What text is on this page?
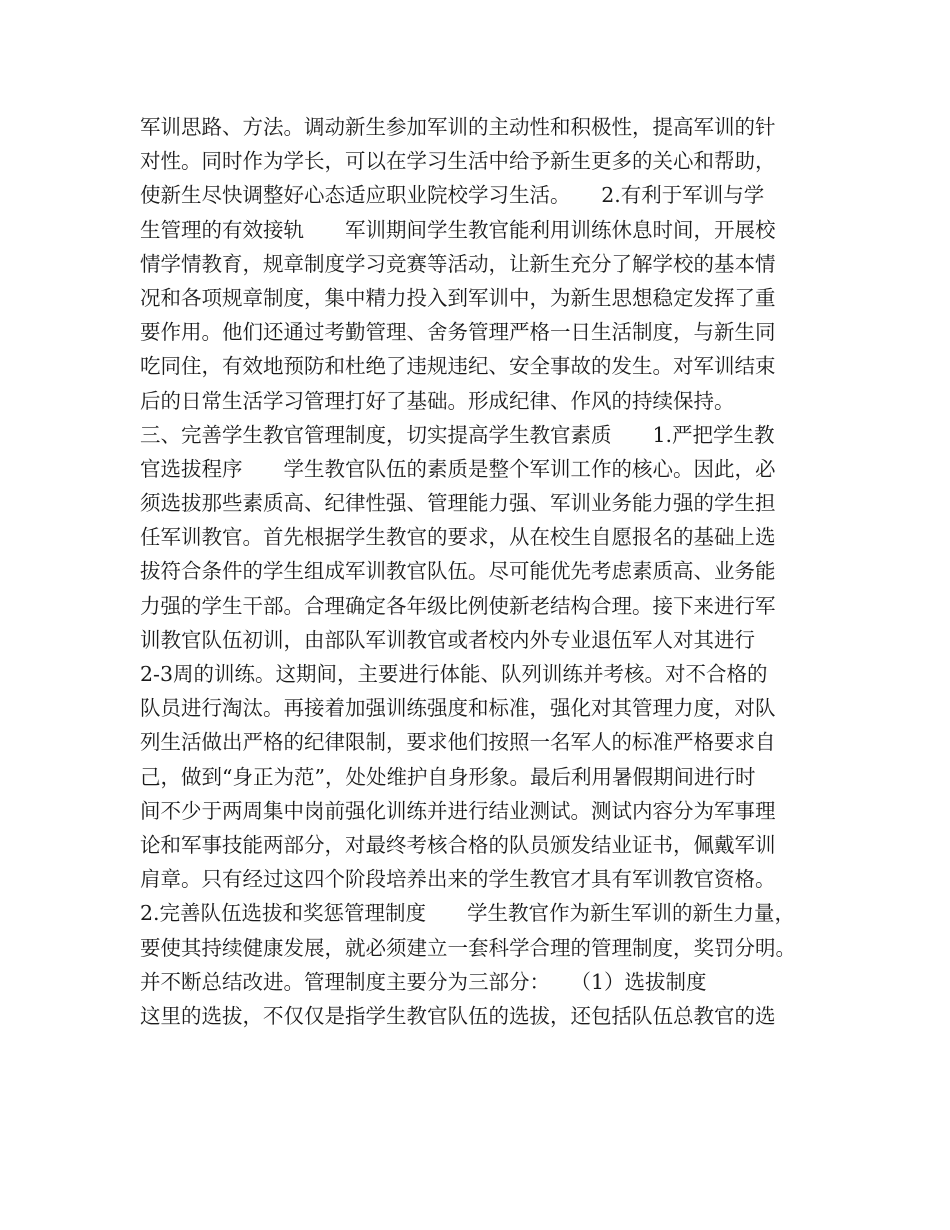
军训思路、方法。调动新生参加军训的主动性和积极性，提高军训的针
对性。同时作为学长，可以在学习生活中给予新生更多的关心和帮助，
使新生尽快调整好心态适应职业院校学习生活。　　2.有利于军训与学
生管理的有效接轨　　军训期间学生教官能利用训练休息时间，开展校
情学情教育，规章制度学习竞赛等活动，让新生充分了解学校的基本情
况和各项规章制度，集中精力投入到军训中，为新生思想稳定发挥了重
要作用。他们还通过考勤管理、舍务管理严格一日生活制度，与新生同
吃同住，有效地预防和杜绝了违规违纪、安全事故的发生。对军训结束
后的日常生活学习管理打好了基础。形成纪律、作风的持续保持。
三、完善学生教官管理制度，切实提高学生教官素质　　1.严把学生教
官选拔程序　　学生教官队伍的素质是整个军训工作的核心。因此，必
须选拔那些素质高、纪律性强、管理能力强、军训业务能力强的学生担
任军训教官。首先根据学生教官的要求，从在校生自愿报名的基础上选
拔符合条件的学生组成军训教官队伍。尽可能优先考虑素质高、业务能
力强的学生干部。合理确定各年级比例使新老结构合理。接下来进行军
训教官队伍初训，由部队军训教官或者校内外专业退伍军人对其进行
2-3周的训练。这期间，主要进行体能、队列训练并考核。对不合格的
队员进行淘汰。再接着加强训练强度和标准，强化对其管理力度，对队
列生活做出严格的纪律限制，要求他们按照一名军人的标准严格要求自
己，做到“身正为范”，处处维护自身形象。最后利用暑假期间进行时
间不少于两周集中岗前强化训练并进行结业测试。测试内容分为军事理
论和军事技能两部分，对最终考核合格的队员颁发结业证书，佩戴军训
肩章。只有经过这四个阶段培养出来的学生教官才具有军训教官资格。
2.完善队伍选拔和奖惩管理制度　　学生教官作为新生军训的新生力量，
要使其持续健康发展，就必须建立一套科学合理的管理制度，奖罚分明。
并不断总结改进。管理制度主要分为三部分：　　（1）选拔制度
这里的选拔，不仅仅是指学生教官队伍的选拔，还包括队伍总教官的选
